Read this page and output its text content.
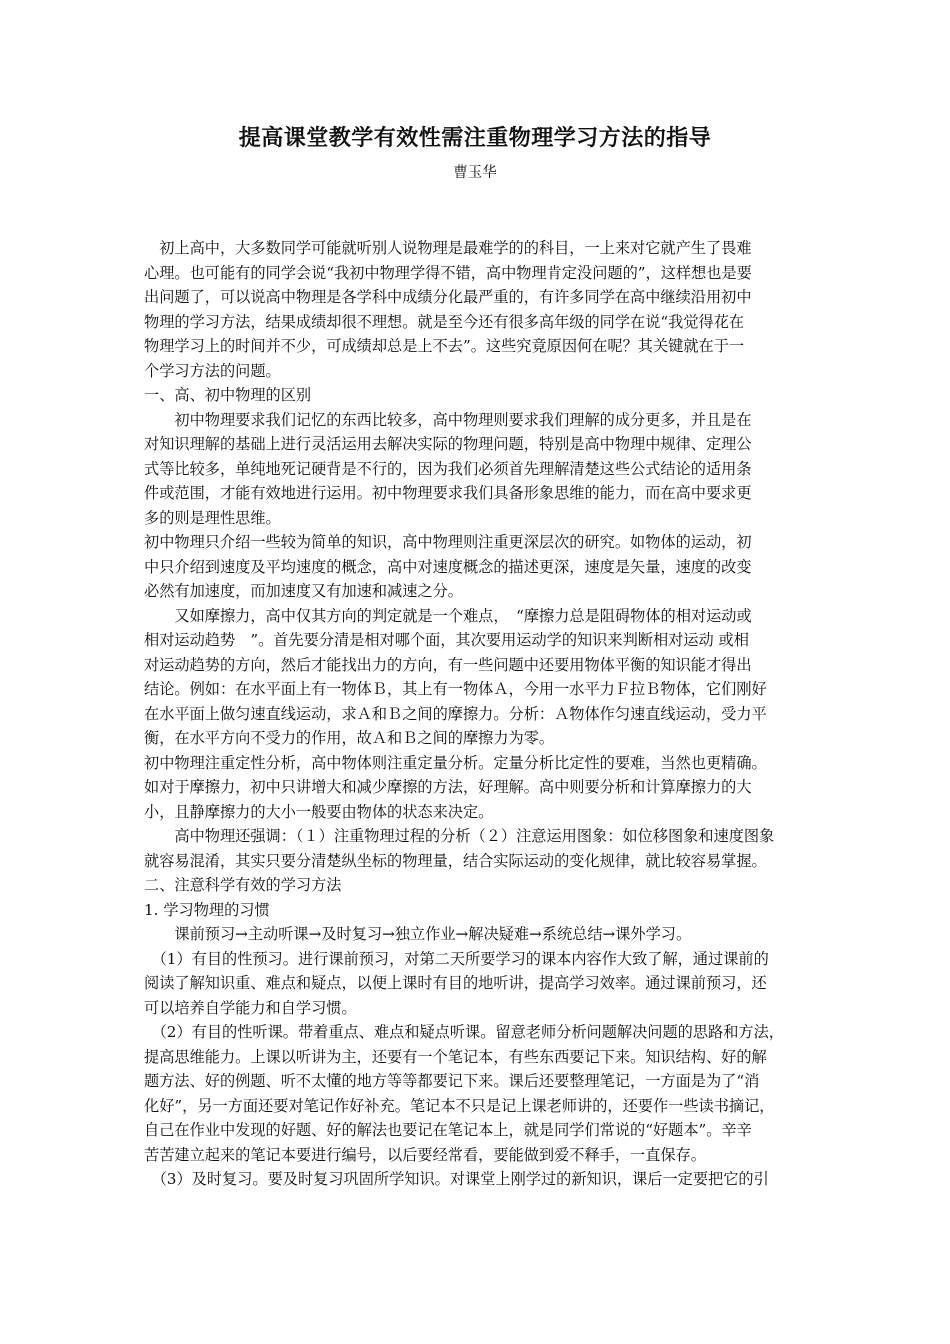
提高课堂教学有效性需注重物理学习方法的指导
曹玉华
　初上高中，大多数同学可能就听别人说物理是最难学的的科目，一上来对它就产生了畏难
心理。也可能有的同学会说“我初中物理学得不错，高中物理肯定没问题的”，这样想也是要
出问题了，可以说高中物理是各学科中成绩分化最严重的，有许多同学在高中继续沿用初中
物理的学习方法，结果成绩却很不理想。就是至今还有很多高年级的同学在说“我觉得花在
物理学习上的时间并不少，可成绩却总是上不去”。这些究竟原因何在呢？其关键就在于一
个学习方法的问题。
一、高、初中物理的区别
　　初中物理要求我们记忆的东西比较多，高中物理则要求我们理解的成分更多，并且是在
对知识理解的基础上进行灵活运用去解决实际的物理问题，特别是高中物理中规律、定理公
式等比较多，单纯地死记硬背是不行的，因为我们必须首先理解清楚这些公式结论的适用条
件或范围，才能有效地进行运用。初中物理要求我们具备形象思维的能力，而在高中要求更
多的则是理性思维。
初中物理只介绍一些较为简单的知识，高中物理则注重更深层次的研究。如物体的运动，初
中只介绍到速度及平均速度的概念，高中对速度概念的描述更深，速度是矢量，速度的改变
必然有加速度，而加速度又有加速和减速之分。
　　又如摩擦力，高中仅其方向的判定就是一个难点，　“摩擦力总是阻碍物体的相对运动或
相对运动趋势　”。首先要分清是相对哪个面，其次要用运动学的知识来判断相对运动 或相
对运动趋势的方向，然后才能找出力的方向，有一些问题中还要用物体平衡的知识能才得出
结论。例如：在水平面上有一物体Ｂ，其上有一物体Ａ，今用一水平力Ｆ拉Ｂ物体，它们刚好
在水平面上做匀速直线运动，求Ａ和Ｂ之间的摩擦力。分析：Ａ物体作匀速直线运动，受力平
衡，在水平方向不受力的作用，故Ａ和Ｂ之间的摩擦力为零。
初中物理注重定性分析，高中物体则注重定量分析。定量分析比定性的要难，当然也更精确。
如对于摩擦力，初中只讲增大和减少摩擦的方法，好理解。高中则要分析和计算摩擦力的大
小，且静摩擦力的大小一般要由物体的状态来决定。
　　高中物理还强调：（１）注重物理过程的分析（２）注意运用图象：如位移图象和速度图象
就容易混淆，其实只要分清楚纵坐标的物理量，结合实际运动的变化规律，就比较容易掌握。
二、注意科学有效的学习方法
1. 学习物理的习惯
　　课前预习→主动听课→及时复习→独立作业→解决疑难→系统总结→课外学习。
　（1）有目的性预习。进行课前预习，对第二天所要学习的课本内容作大致了解，通过课前的
阅读了解知识重、难点和疑点，以便上课时有目的地听讲，提高学习效率。通过课前预习，还
可以培养自学能力和自学习惯。
　（2）有目的性听课。带着重点、难点和疑点听课。留意老师分析问题解决问题的思路和方法，
提高思维能力。上课以听讲为主，还要有一个笔记本，有些东西要记下来。知识结构、好的解
题方法、好的例题、听不太懂的地方等等都要记下来。课后还要整理笔记，一方面是为了“消
化好”，另一方面还要对笔记作好补充。笔记本不只是记上课老师讲的，还要作一些读书摘记，
自己在作业中发现的好题、好的解法也要记在笔记本上，就是同学们常说的“好题本”。辛辛
苦苦建立起来的笔记本要进行编号，以后要经常看，要能做到爱不释手，一直保存。
　（3）及时复习。要及时复习巩固所学知识。对课堂上刚学过的新知识，课后一定要把它的引
